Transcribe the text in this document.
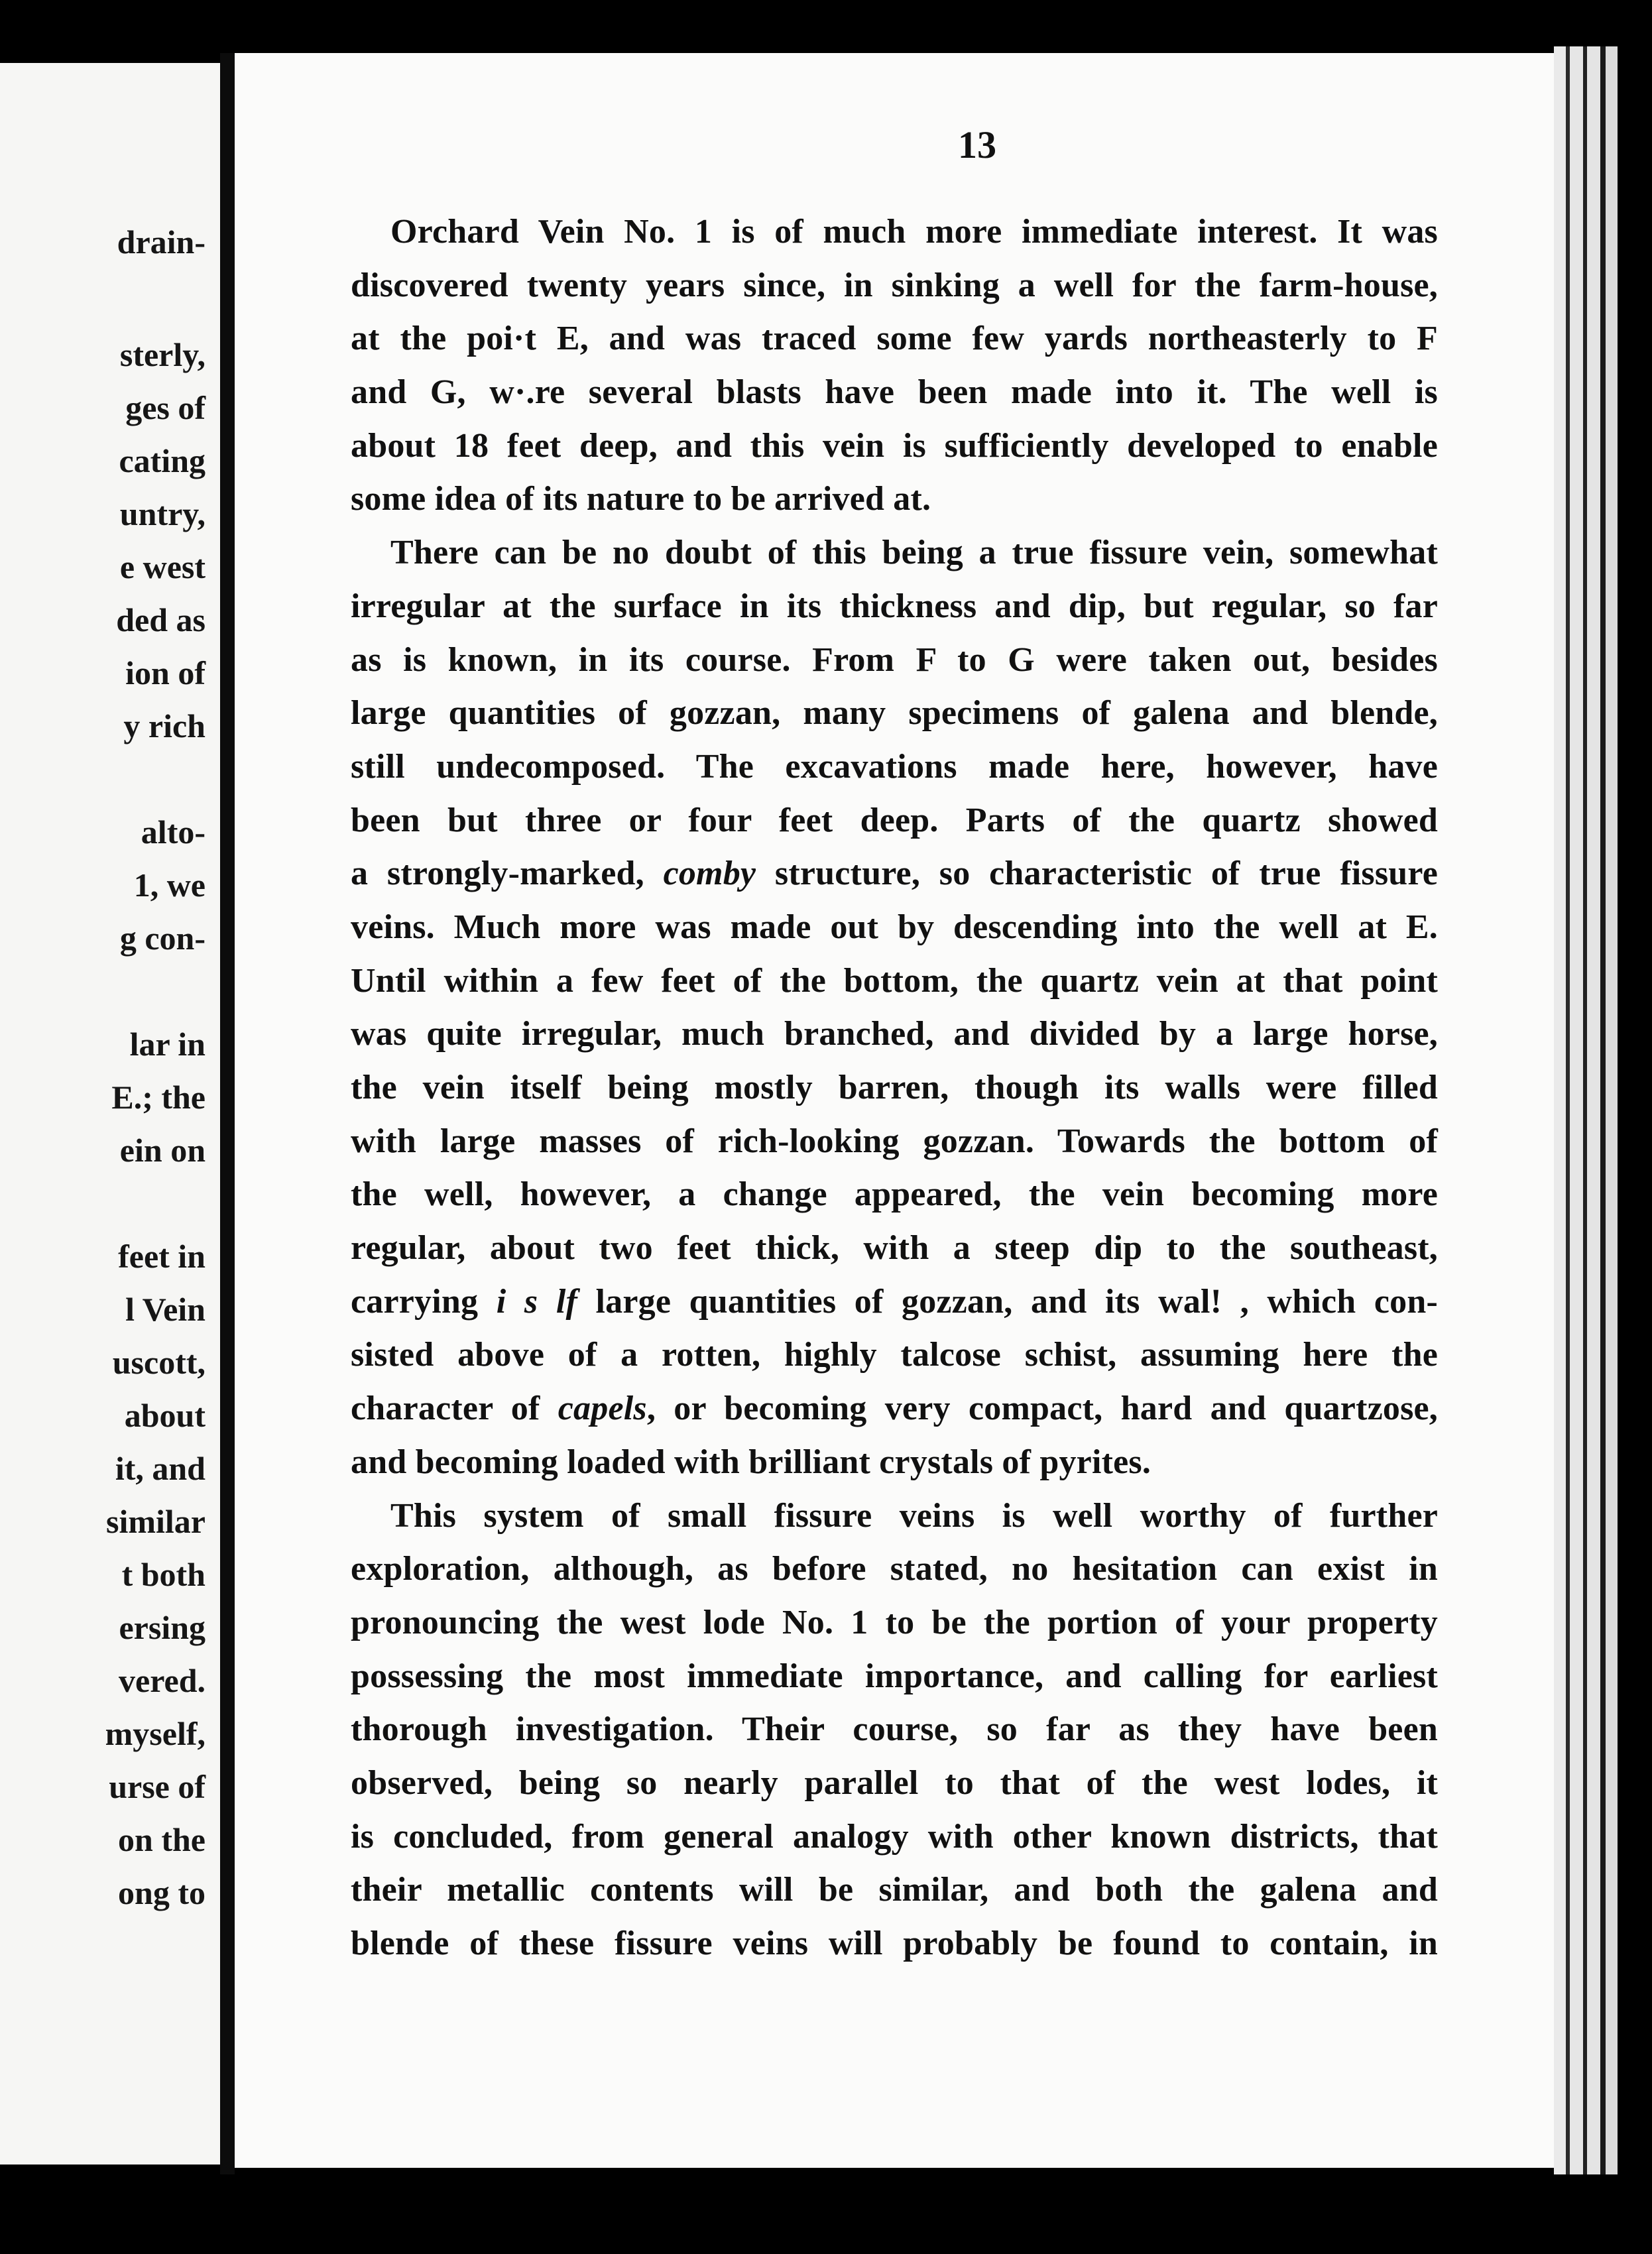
drain-
sterly,
ges of
cating
untry,
e west
ded as
ion of
y rich
alto-
1, we
g con-
lar in
E.; the
ein on
feet in
l Vein
uscott,
about
it, and
similar
t both
ersing
vered.
myself,
urse of
on the
ong to
13
Orchard Vein No. 1 is of much more immediate interest. It was
discovered twenty years since, in sinking a well for the farm-house,
at the poi·t E, and was traced some few yards northeasterly to F
and G, w·.re several blasts have been made into it. The well is
about 18 feet deep, and this vein is sufficiently developed to enable
some idea of its nature to be arrived at.
There can be no doubt of this being a true fissure vein, somewhat
irregular at the surface in its thickness and dip, but regular, so far
as is known, in its course. From F to G were taken out, besides
large quantities of gozzan, many specimens of galena and blende,
still undecomposed. The excavations made here, however, have
been but three or four feet deep. Parts of the quartz showed
a strongly-marked, comby structure, so characteristic of true fissure
veins. Much more was made out by descending into the well at E.
Until within a few feet of the bottom, the quartz vein at that point
was quite irregular, much branched, and divided by a large horse,
the vein itself being mostly barren, though its walls were filled
with large masses of rich-looking gozzan. Towards the bottom of
the well, however, a change appeared, the vein becoming more
regular, about two feet thick, with a steep dip to the southeast,
carrying i s lf large quantities of gozzan, and its wal! , which con-
sisted above of a rotten, highly talcose schist, assuming here the
character of capels, or becoming very compact, hard and quartzose,
and becoming loaded with brilliant crystals of pyrites.
This system of small fissure veins is well worthy of further
exploration, although, as before stated, no hesitation can exist in
pronouncing the west lode No. 1 to be the portion of your property
possessing the most immediate importance, and calling for earliest
thorough investigation. Their course, so far as they have been
observed, being so nearly parallel to that of the west lodes, it
is concluded, from general analogy with other known districts, that
their metallic contents will be similar, and both the galena and
blende of these fissure veins will probably be found to contain, in
